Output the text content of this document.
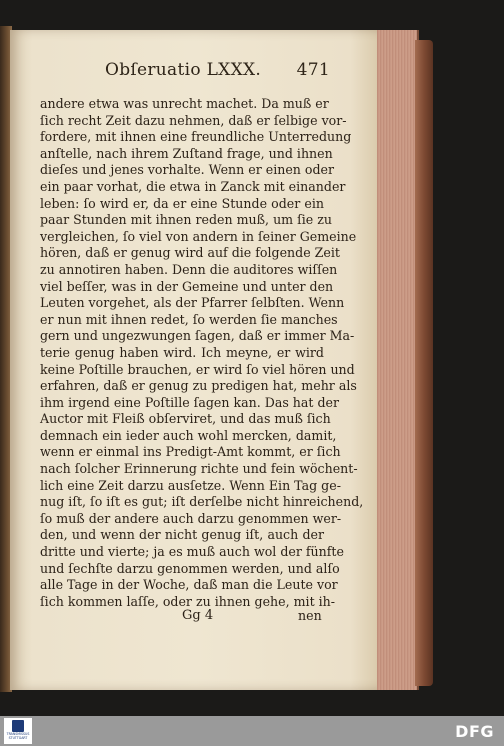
Obſeruatio LXXX. 471
andere etwa was unrecht machet. Da muß er
ſich recht Zeit dazu nehmen, daß er ſelbige vor-
fordere, mit ihnen eine freundliche Unterredung
anſtelle, nach ihrem Zuſtand frage, und ihnen
dieſes und jenes vorhalte. Wenn er einen oder
ein paar vorhat, die etwa in Zanck mit einander
leben: ſo wird er, da er eine Stunde oder ein
paar Stunden mit ihnen reden muß, um ſie zu
vergleichen, ſo viel von andern in ſeiner Gemeine
hören, daß er genug wird auf die folgende Zeit
zu annotiren haben. Denn die auditores wiſſen
viel beſſer, was in der Gemeine und unter den
Leuten vorgehet, als der Pfarrer ſelbſten. Wenn
er nun mit ihnen redet, ſo werden ſie manches
gern und ungezwungen ſagen, daß er immer Ma-
terie genug haben wird. Ich meyne, er wird
keine Poſtille brauchen, er wird ſo viel hören und
erfahren, daß er genug zu predigen hat, mehr als
ihm irgend eine Poſtille ſagen kan. Das hat der
Auctor mit Fleiß obſerviret, und das muß ſich
demnach ein ieder auch wohl mercken, damit,
wenn er einmal ins Predigt-Amt kommt, er ſich
nach ſolcher Erinnerung richte und fein wöchent-
lich eine Zeit darzu ausſetze. Wenn Ein Tag ge-
nug iſt, ſo iſt es gut; iſt derſelbe nicht hinreichend,
ſo muß der andere auch darzu genommen wer-
den, und wenn der nicht genug iſt, auch der
dritte und vierte; ja es muß auch wol der fünfte
und ſechſte darzu genommen werden, und alſo
alle Tage in der Woche, daß man die Leute vor
ſich kommen laſſe, oder zu ihnen gehe, mit ih-
Gg 4	nen
TRANSMISSUS STUTTGART	DFG
